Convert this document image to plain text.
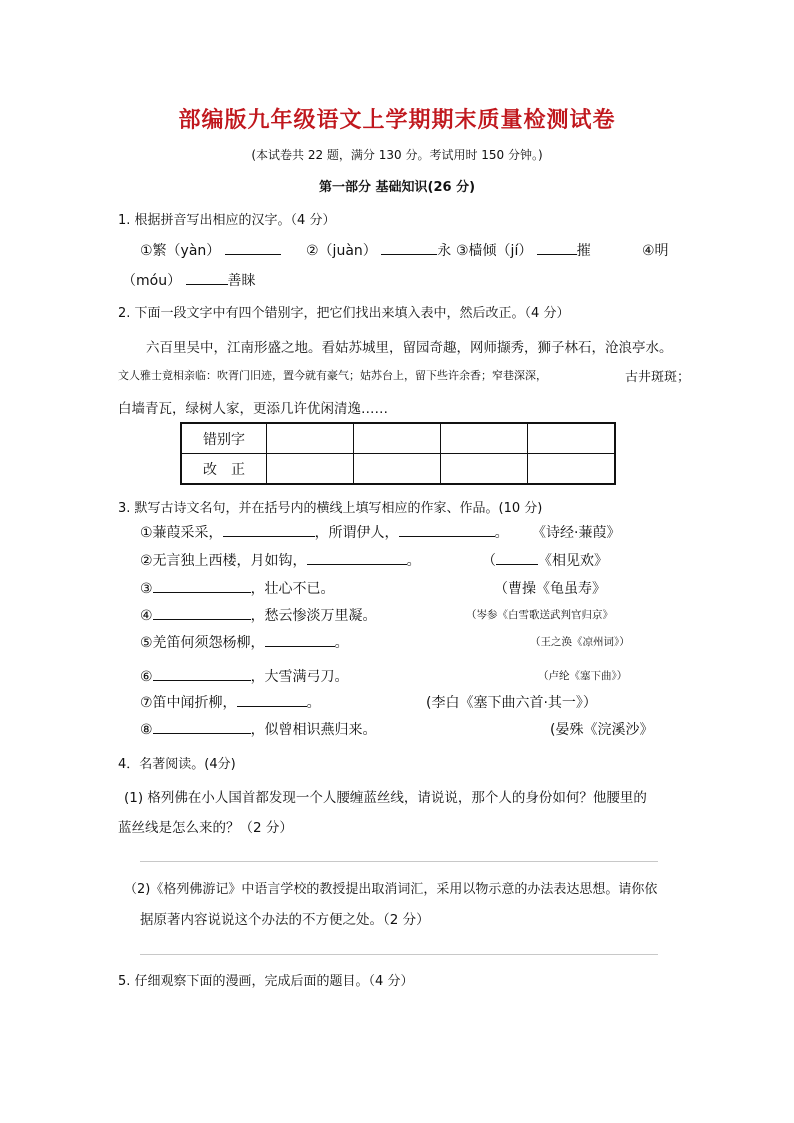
部编版九年级语文上学期期末质量检测试卷
(本试卷共 22 题，满分 130 分。考试用时 150 分钟。)
第一部分 基础知识(26 分)
1. 根据拼音写出相应的汉字。（4 分）
①繁（yàn）	②（juàn）	永 ③樯倾（jí）	摧	④明
（móu）	善睐
2. 下面一段文字中有四个错别字，把它们找出来填入表中，然后改正。（4 分）
六百里吴中，江南形盛之地。看姑苏城里，留园奇趣，网师撷秀，狮子林石，沧浪亭水。
文人雅士竟相亲临：吹胥门旧迹，置今就有豪气；姑苏台上，留下些许余香；窄巷深深，	古井斑斑；
白墙青瓦，绿树人家，更添几许优闲清逸……
错别字				
改　正				
3. 默写古诗文名句，并在括号内的横线上填写相应的作家、作品。(10 分)
①蒹葭采采，	，所谓伊人，	。 《诗经·蒹葭》
②无言独上西楼，月如钩，	。	（	《相见欢》
③	，壮心不已。	（曹操《龟虽寿》
④	，愁云惨淡万里凝。	（岑参《白雪歌送武判官归京》
⑤羌笛何须怨杨柳，	。	（王之涣《凉州词》）
⑥	，大雪满弓刀。	（卢纶《塞下曲》）
⑦笛中闻折柳，	。	(李白《塞下曲六首·其一》）
⑧	，似曾相识燕归来。	(晏殊《浣溪沙》
4．名著阅读。(4分)
(1) 格列佛在小人国首都发现一个人腰缠蓝丝线，请说说，那个人的身份如何？他腰里的
蓝丝线是怎么来的？（2 分）
（2)《格列佛游记》中语言学校的教授提出取消词汇，采用以物示意的办法表达思想。请你依
据原著内容说说这个办法的不方便之处。（2 分）
5. 仔细观察下面的漫画，完成后面的题目。（4 分）
